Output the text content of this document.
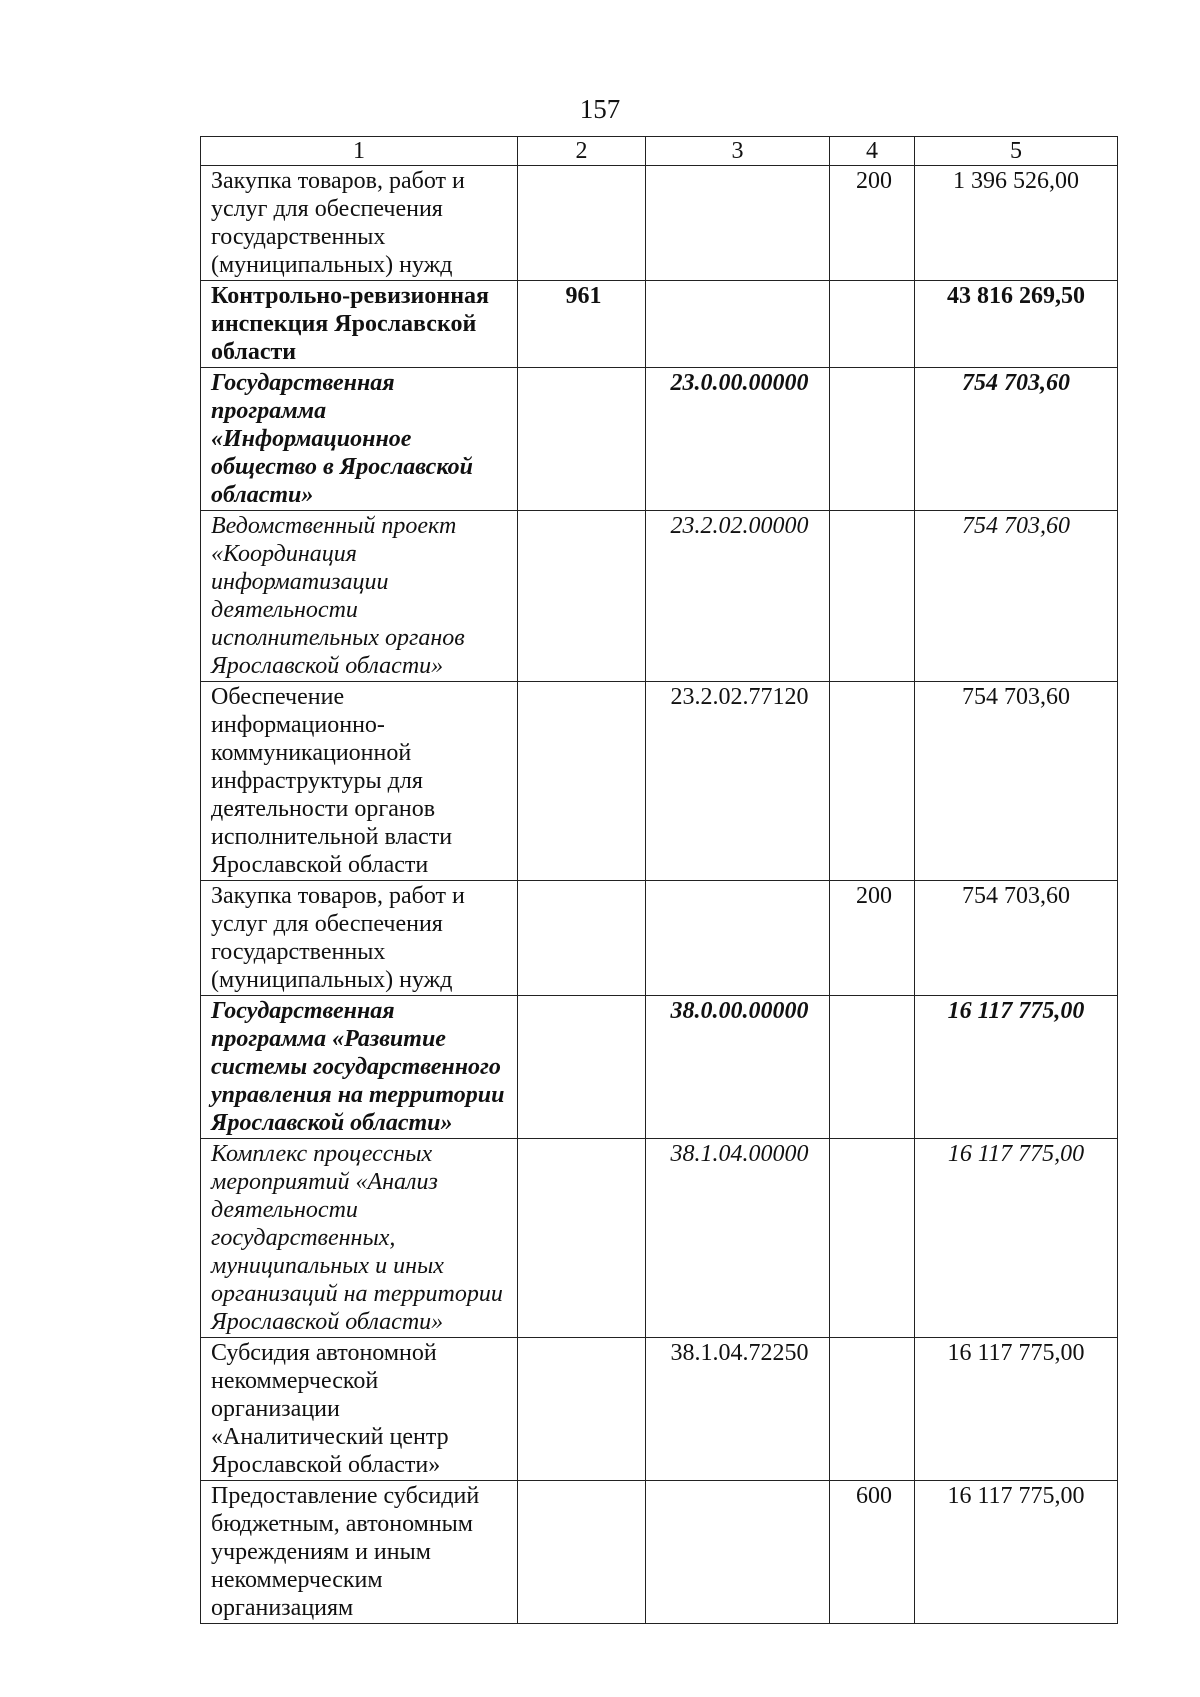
157
1	2	3	4	5
Закупка товаров, работ и услуг для обеспечения государственных (муниципальных) нужд			200	1 396 526,00
Контрольно-ревизионная инспекция Ярославской области	961			43 816 269,50
Государственная программа «Информационное общество в Ярославской области»		23.0.00.00000		754 703,60
Ведомственный проект «Координация информатизации деятельности исполнительных органов Ярославской области»		23.2.02.00000		754 703,60
Обеспечение информационно-коммуникационной инфраструктуры для деятельности органов исполнительной власти Ярославской области		23.2.02.77120		754 703,60
Закупка товаров, работ и услуг для обеспечения государственных (муниципальных) нужд			200	754 703,60
Государственная программа «Развитие системы государственного управления на территории Ярославской области»		38.0.00.00000		16 117 775,00
Комплекс процессных мероприятий «Анализ деятельности государственных, муниципальных и иных организаций на территории Ярославской области»		38.1.04.00000		16 117 775,00
Субсидия автономной некоммерческой организации «Аналитический центр Ярославской области»		38.1.04.72250		16 117 775,00
Предоставление субсидий бюджетным, автономным учреждениям и иным некоммерческим организациям			600	16 117 775,00
